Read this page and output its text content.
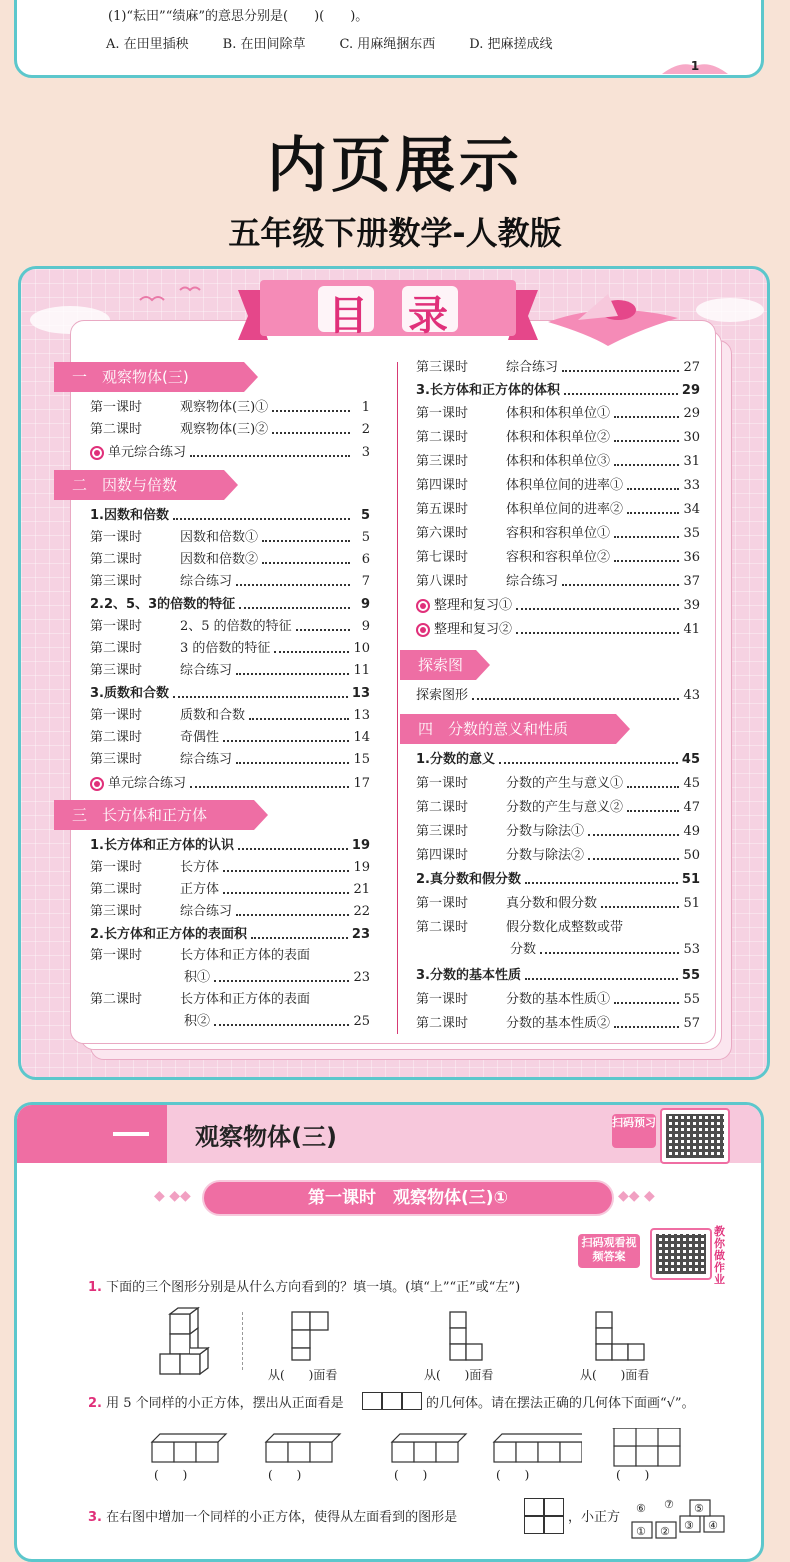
(1)“耘田”“绩麻”的意思分别是(　　)(　　)。
A. 在田里插秧	B. 在田间除草	C. 用麻绳捆东西	D. 把麻搓成线
1
内页展示
五年级下册数学-人教版
目录
一　观察物体(三)
二　因数与倍数
三　长方体和正方体
第一课时	观察物体(三)①	1
第二课时	观察物体(三)②	2
单元综合练习	3
1.因数和倍数	5
第一课时	因数和倍数①	5
第二课时	因数和倍数②	6
第三课时	综合练习	7
2.2、5、3的倍数的特征	9
第一课时	2、5 的倍数的特征	9
第二课时	3 的倍数的特征	10
第三课时	综合练习	11
3.质数和合数	13
第一课时	质数和合数	13
第二课时	奇偶性	14
第三课时	综合练习	15
单元综合练习	17
1.长方体和正方体的认识	19
第一课时	长方体	19
第二课时	正方体	21
第三课时	综合练习	22
2.长方体和正方体的表面积	23
第一课时	长方体和正方体的表面
积①	23
第二课时	长方体和正方体的表面
积②	25
探索图形
四　分数的意义和性质
第三课时	综合练习	27
3.长方体和正方体的体积	29
第一课时	体积和体积单位①	29
第二课时	体积和体积单位②	30
第三课时	体积和体积单位③	31
第四课时	体积单位间的进率①	33
第五课时	体积单位间的进率②	34
第六课时	容积和容积单位①	35
第七课时	容积和容积单位②	36
第八课时	综合练习	37
整理和复习①	39
整理和复习②	41
探索图形	43
1.分数的意义	45
第一课时	分数的产生与意义①	45
第二课时	分数的产生与意义②	47
第三课时	分数与除法①	49
第四课时	分数与除法②	50
2.真分数和假分数	51
第一课时	真分数和假分数	51
第二课时	假分数化成整数或带
分数	53
3.分数的基本性质	55
第一课时	分数的基本性质①	55
第二课时	分数的基本性质②	57
观察物体(三)
扫码预习
◆ ◆◆	◆◆ ◆
第一课时　观察物体(三)①
扫码观看视频答案
教你做作业
1. 下面的三个图形分别是从什么方向看到的？填一填。(填“上”“正”或“左”)
从(　　)面看	从(　　)面看	从(　　)面看
2. 用 5 个同样的小正方体，摆出从正面看是	的几何体。请在摆法正确的几何体下面画“√”。
(　　)	(　　)	(　　)	(　　)	(　　)
3. 在右图中增加一个同样的小正方体，使得从左面看到的图形是	，小正方
⑥ ⑦ ⑤
① ② ③ ④
